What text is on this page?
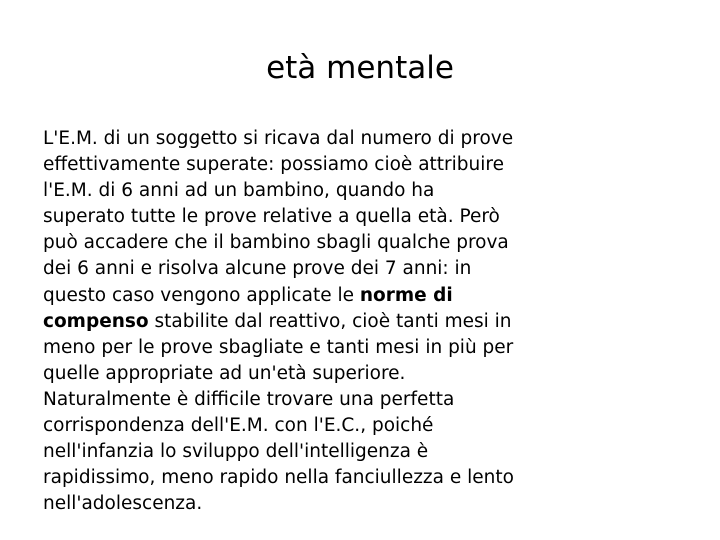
età mentale

L'E.M. di un soggetto si ricava dal numero di prove
effettivamente superate: possiamo cioè attribuire
l'E.M. di 6 anni ad un bambino, quando ha
superato tutte le prove relative a quella età. Però
può accadere che il bambino sbagli qualche prova
dei 6 anni e risolva alcune prove dei 7 anni: in
questo caso vengono applicate le norme di
compenso stabilite dal reattivo, cioè tanti mesi in
meno per le prove sbagliate e tanti mesi in più per
quelle appropriate ad un'età superiore.

Naturalmente è difficile trovare una perfetta
corrispondenza dell'E.M. con l'E.C., poiché
nell'infanzia lo sviluppo dell'intelligenza è
rapidissimo, meno rapido nella fanciullezza e lento
nell'adolescenza.
